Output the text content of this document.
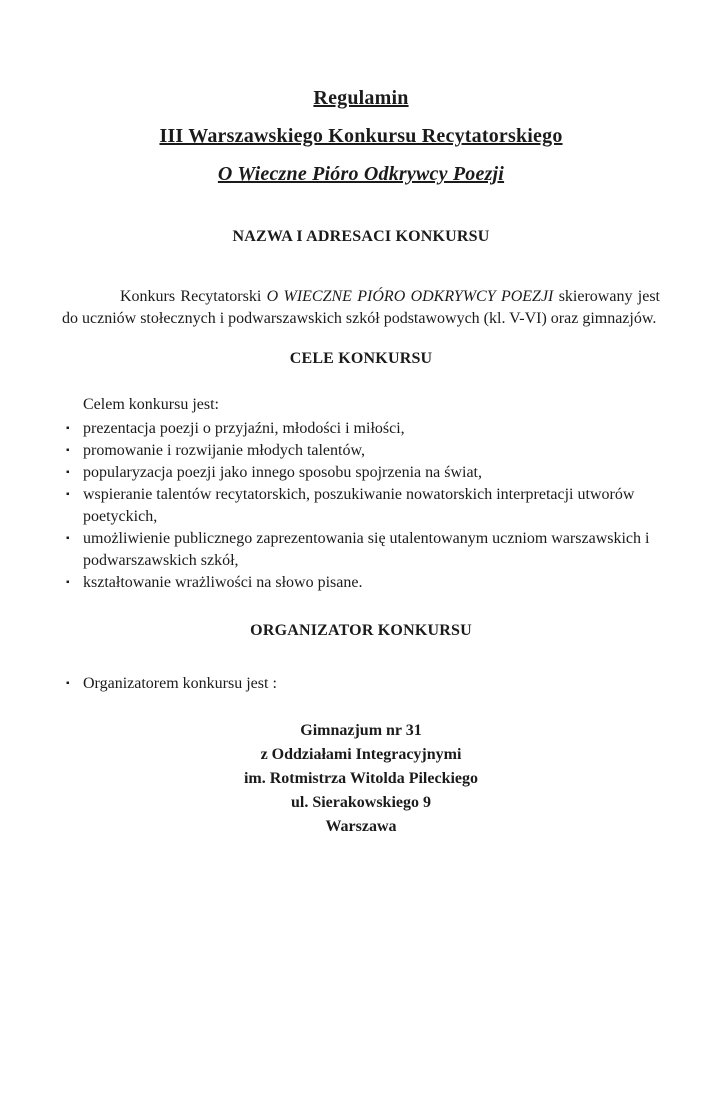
Regulamin
III Warszawskiego Konkursu Recytatorskiego
O Wieczne Pióro Odkrywcy Poezji
NAZWA I ADRESACI KONKURSU

Konkurs Recytatorski O WIECZNE PIÓRO ODKRYWCY POEZJI skierowany jest do uczniów stołecznych i podwarszawskich szkół podstawowych (kl. V-VI) oraz gimnazjów.

CELE KONKURSU

Celem konkursu jest:

▪ prezentacja poezji o przyjaźni, młodości i miłości,
▪ promowanie i rozwijanie młodych talentów,
▪ popularyzacja poezji jako innego sposobu spojrzenia na świat,
▪ wspieranie talentów recytatorskich, poszukiwanie nowatorskich interpretacji utworów poetyckich,
▪ umożliwienie publicznego zaprezentowania się utalentowanym uczniom warszawskich i podwarszawskich szkół,
▪ kształtowanie wrażliwości na słowo pisane.
ORGANIZATOR KONKURSU
▪ Organizatorem konkursu jest :
Gimnazjum nr 31
z Oddziałami Integracyjnymi
im. Rotmistrza Witolda Pileckiego
ul. Sierakowskiego 9
Warszawa
